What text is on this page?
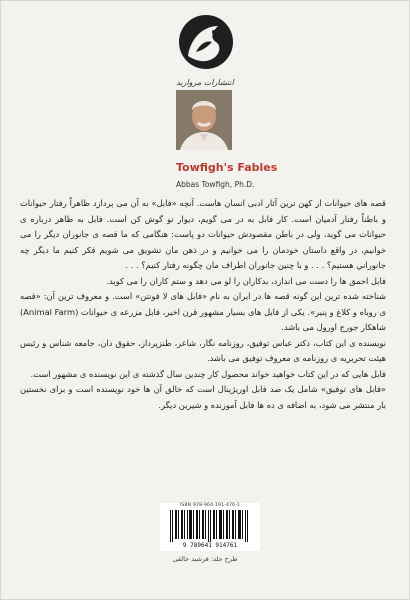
انتشارات مروارید
Towfigh's Fables
Abbas Towfigh, Ph.D.

قصه های حیوانات از کهن ترین آثار ادبی انسان هاست. آنچه «فابل» به آن می پردازد ظاهراً رفتار حیوانات و باطناً رفتار آدمیان است. کار فابل به در می گویم، دیوار تو گوش کن است. فابل به ظاهر درباره ی حیوانات می گوید، ولی در باطن مقصودش حیوانات دو پاست: هنگامی که ما قصه ی جانوران دیگر را می خوانیم، در واقع داستان خودمان را می خوانیم و در ذهن مان تشویق می شویم فکر کنیم ما دیگر چه جانوراني هستیم؟ . . . و با چنین جانوران اطراف مان چگونه رفتار کنیم؟ . . .

فابل احمق ها را دست می اندازد، بدکاران را لو می دهد و ستم کاران را می کوبد.

شناخته شده ترین این گونه قصه ها در ایران به نام «فابل های لا فونتن» است. و معروف ترین آن: «قصه ی روباه و کلاغ و پنیر». یکی از فابل های بسیار مشهور قرن اخیر، فابل مزرعه ی حیوانات (Animal Farm) شاهکار جورج اورول می باشد.

نویسنده ی این کتاب، دکتر عباس توفیق، روزنامه نگار، شاعر، طنزپرداز، حقوق دان، جامعه شناس و رئیس هیئت تحریریه ی روزنامه ی معروف توفیق می باشد.

فابل هایی که در این کتاب خواهید خواند محصول کار چندین سال گذشته ی این نویسنده ی مشهور است.

«فابل های توفیق» شامل یک صد فابل اوریژینال است که خالق آن ها خود نویسنده است و برای نخستین بار منتشر می شود، به اضافه ی ده ها فابل آموزنده و شیرین دیگر.

ISBN 978-964-191-476-1
9 789641 914761
طرح جلد: فرشید خالقی
